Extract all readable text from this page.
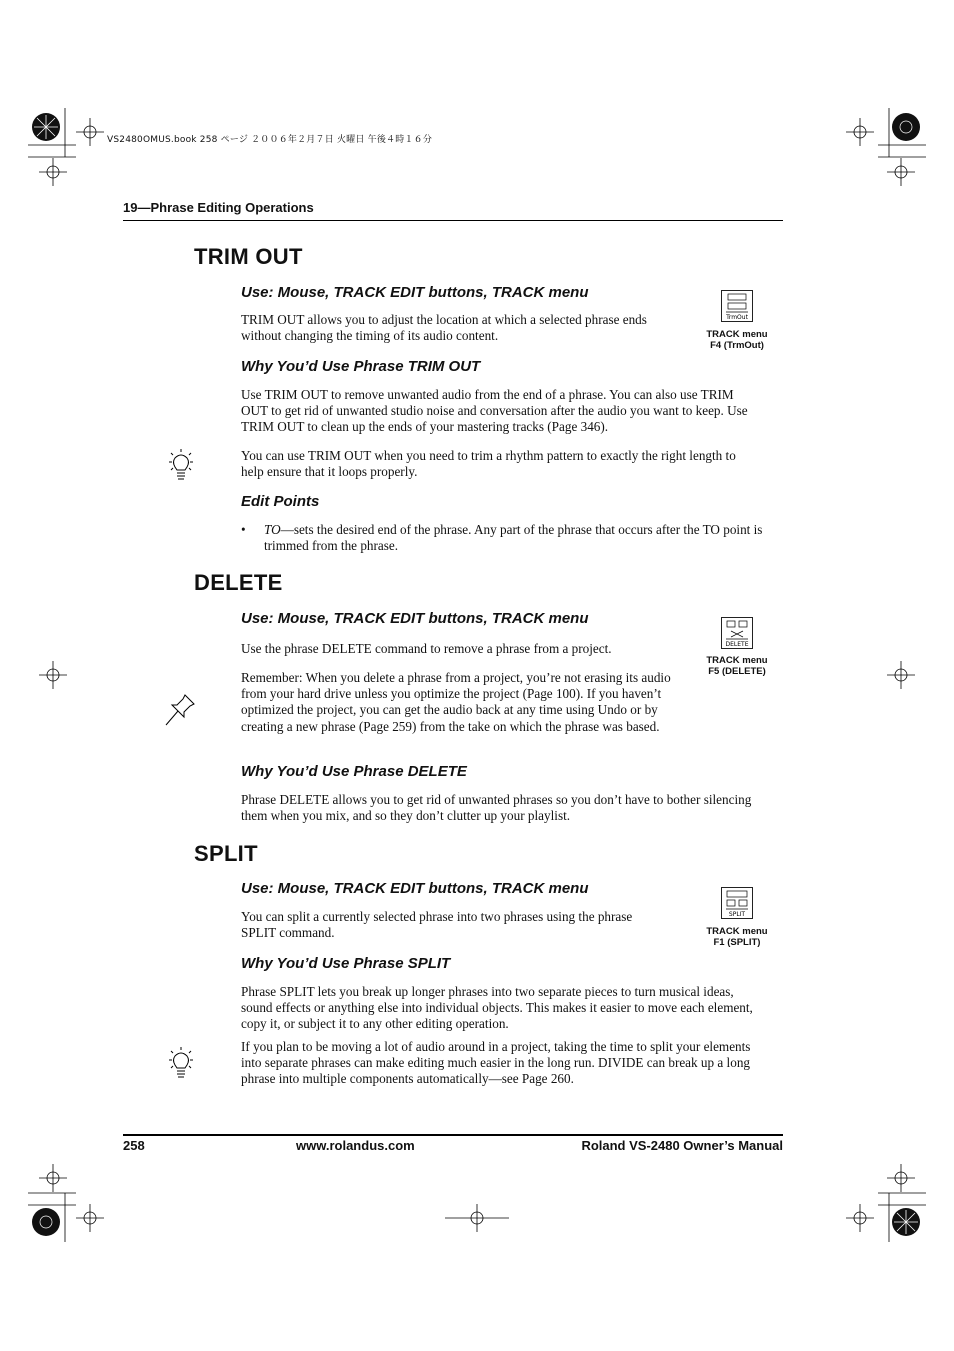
VS2480OMUS.book 258 ページ ２００６年２月７日 火曜日 午後４時１６分
19—Phrase Editing Operations
TRIM OUT
Use: Mouse, TRACK EDIT buttons, TRACK menu
TRIM OUT allows you to adjust the location at which a selected phrase ends without changing the timing of its audio content.
TrmOut
TRACK menu
F4 (TrmOut)
Why You’d Use Phrase TRIM OUT
Use TRIM OUT to remove unwanted audio from the end of a phrase. You can also use TRIM OUT to get rid of unwanted studio noise and conversation after the audio you want to keep. Use TRIM OUT to clean up the ends of your mastering tracks (Page 346).
You can use TRIM OUT when you need to trim a rhythm pattern to exactly the right length to help ensure that it loops properly.
Edit Points
• TO—sets the desired end of the phrase. Any part of the phrase that occurs after the TO point is trimmed from the phrase.
DELETE
Use: Mouse, TRACK EDIT buttons, TRACK menu
Use the phrase DELETE command to remove a phrase from a project.	DELETE
TRACK menu
F5 (DELETE)
Remember: When you delete a phrase from a project, you’re not erasing its audio from your hard drive unless you optimize the project (Page 100). If you haven’t optimized the project, you can get the audio back at any time using Undo or by creating a new phrase (Page 259) from the take on which the phrase was based.
Why You’d Use Phrase DELETE
Phrase DELETE allows you to get rid of unwanted phrases so you don’t have to bother silencing them when you mix, and so they don’t clutter up your playlist.
SPLIT
Use: Mouse, TRACK EDIT buttons, TRACK menu
You can split a currently selected phrase into two phrases using the phrase SPLIT command.
SPLIT
TRACK menu
F1 (SPLIT)
Why You’d Use Phrase SPLIT
Phrase SPLIT lets you break up longer phrases into two separate pieces to turn musical ideas, sound effects or anything else into individual objects. This makes it easier to move each element, copy it, or subject it to any other editing operation.
If you plan to be moving a lot of audio around in a project, taking the time to split your elements into separate phrases can make editing much easier in the long run. DIVIDE can break up a long phrase into multiple components automatically—see Page 260.
258	www.rolandus.com	Roland VS-2480 Owner’s Manual
